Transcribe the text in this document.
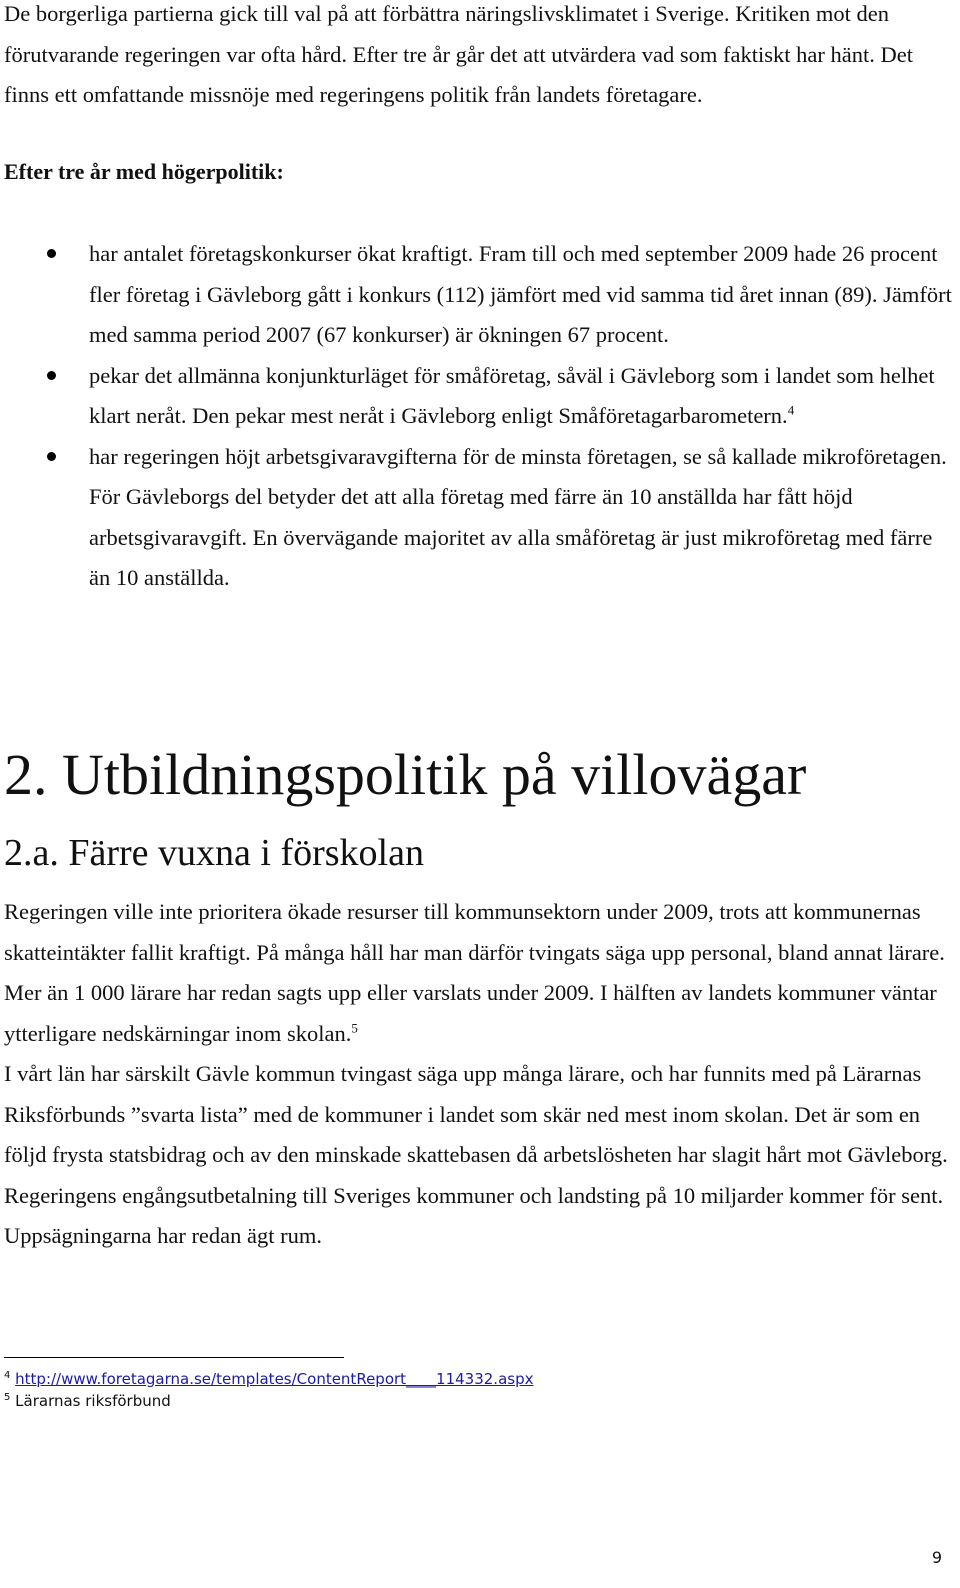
De borgerliga partierna gick till val på att förbättra näringslivsklimatet i Sverige. Kritiken mot den förutvarande regeringen var ofta hård. Efter tre år går det att utvärdera vad som faktiskt har hänt. Det finns ett omfattande missnöje med regeringens politik från landets företagare.

Efter tre år med högerpolitik:

har antalet företagskonkurser ökat kraftigt. Fram till och med september 2009 hade 26 procent fler företag i Gävleborg gått i konkurs (112) jämfört med vid samma tid året innan (89). Jämfört med samma period 2007 (67 konkurser) är ökningen 67 procent.
pekar det allmänna konjunkturläget för småföretag, såväl i Gävleborg som i landet som helhet klart neråt. Den pekar mest neråt i Gävleborg enligt Småföretagarbarometern.$^4$
har regeringen höjt arbetsgivaravgifterna för de minsta företagen, se så kallade mikroföretagen. För Gävleborgs del betyder det att alla företag med färre än 10 anställda har fått höjd arbetsgivaravgift. En övervägande majoritet av alla småföretag är just mikroföretag med färre än 10 anställda.
2. Utbildningspolitik på villovägar
2.a. Färre vuxna i förskolan

Regeringen ville inte prioritera ökade resurser till kommunsektorn under 2009, trots att kommunernas skatteintäkter fallit kraftigt. På många håll har man därför tvingats säga upp personal, bland annat lärare. Mer än 1 000 lärare har redan sagts upp eller varslats under 2009. I hälften av landets kommuner väntar ytterligare nedskärningar inom skolan.$^5$

I vårt län har särskilt Gävle kommun tvingast säga upp många lärare, och har funnits med på Lärarnas Riksförbunds ”svarta lista” med de kommuner i landet som skär ned mest inom skolan. Det är som en följd frysta statsbidrag och av den minskade skattebasen då arbetslösheten har slagit hårt mot Gävleborg. Regeringens engångsutbetalning till Sveriges kommuner och landsting på 10 miljarder kommer för sent. Uppsägningarna har redan ägt rum.

$^4$ http://www.foretagarna.se/templates/ContentReport____114332.aspx
$^5$ Lärarnas riksförbund
9
